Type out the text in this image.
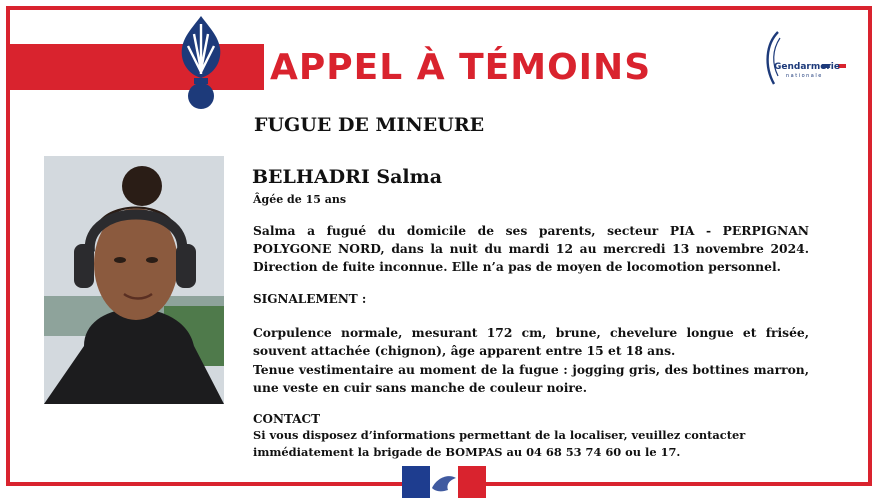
APPEL À TÉMOINS	Gendarmerie
nationale
FUGUE DE MINEURE
BELHADRI Salma
Âgée de 15 ans
Salma a fugué du domicile de ses parents, secteur PIA - PERPIGNAN POLYGONE NORD, dans la nuit du mardi 12 au mercredi 13 novembre 2024. Direction de fuite inconnue. Elle n’a pas de moyen de locomotion personnel.
SIGNALEMENT :
Corpulence normale, mesurant 172 cm, brune, chevelure longue et frisée, souvent attachée (chignon), âge apparent entre 15 et 18 ans.
Tenue vestimentaire au moment de la fugue : jogging gris, des bottines marron, une veste en cuir sans manche de couleur noire.
CONTACT
Si vous disposez d’informations permettant de la localiser, veuillez contacter immédiatement la brigade de BOMPAS au 04 68 53 74 60 ou le 17.
